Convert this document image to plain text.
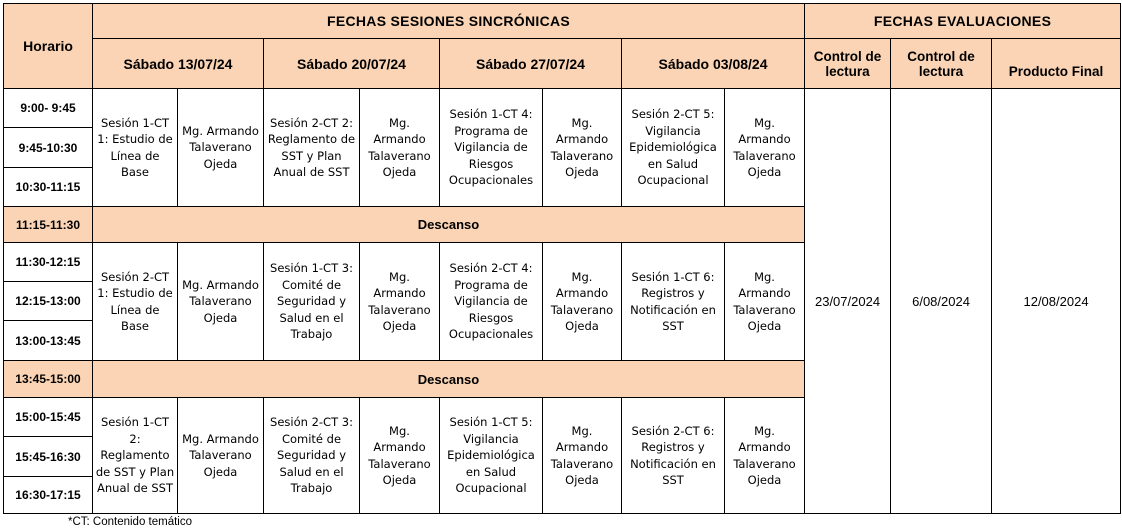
Horario	FECHAS SESIONES SINCRÓNICAS								FECHAS EVALUACIONES		
	Sábado 13/07/24		Sábado 20/07/24		Sábado 27/07/24		Sábado 03/08/24		Control de lectura	Control de lectura	Producto Final
9:00- 9:45	Sesión 1-CT 1: Estudio de Línea de Base	Mg. Armando Talaverano Ojeda	Sesión 2-CT 2: Reglamento de SST y Plan Anual de SST	Mg. Armando Talaverano Ojeda	Sesión 1-CT 4: Programa de Vigilancia de Riesgos Ocupacionales	Mg. Armando Talaverano Ojeda	Sesión 2-CT 5: Vigilancia Epidemiológica en Salud Ocupacional	Mg. Armando Talaverano Ojeda	23/07/2024	6/08/2024	12/08/2024
9:45-10:30											
10:30-11:15											
11:15-11:30	Descanso										
11:30-12:15	Sesión 2-CT 1: Estudio de Línea de Base	Mg. Armando Talaverano Ojeda	Sesión 1-CT 3: Comité de Seguridad y Salud en el Trabajo	Mg. Armando Talaverano Ojeda	Sesión 2-CT 4: Programa de Vigilancia de Riesgos Ocupacionales	Mg. Armando Talaverano Ojeda	Sesión 1-CT 6: Registros y Notificación en SST	Mg. Armando Talaverano Ojeda			
12:15-13:00											
13:00-13:45											
13:45-15:00	Descanso										
15:00-15:45	Sesión 1-CT 2: Reglamento de SST y Plan Anual de SST	Mg. Armando Talaverano Ojeda	Sesión 2-CT 3: Comité de Seguridad y Salud en el Trabajo	Mg. Armando Talaverano Ojeda	Sesión 1-CT 5: Vigilancia Epidemiológica en Salud Ocupacional	Mg. Armando Talaverano Ojeda	Sesión 2-CT 6: Registros y Notificación en SST	Mg. Armando Talaverano Ojeda			
15:45-16:30											
16:30-17:15											
*CT: Contenido temático
